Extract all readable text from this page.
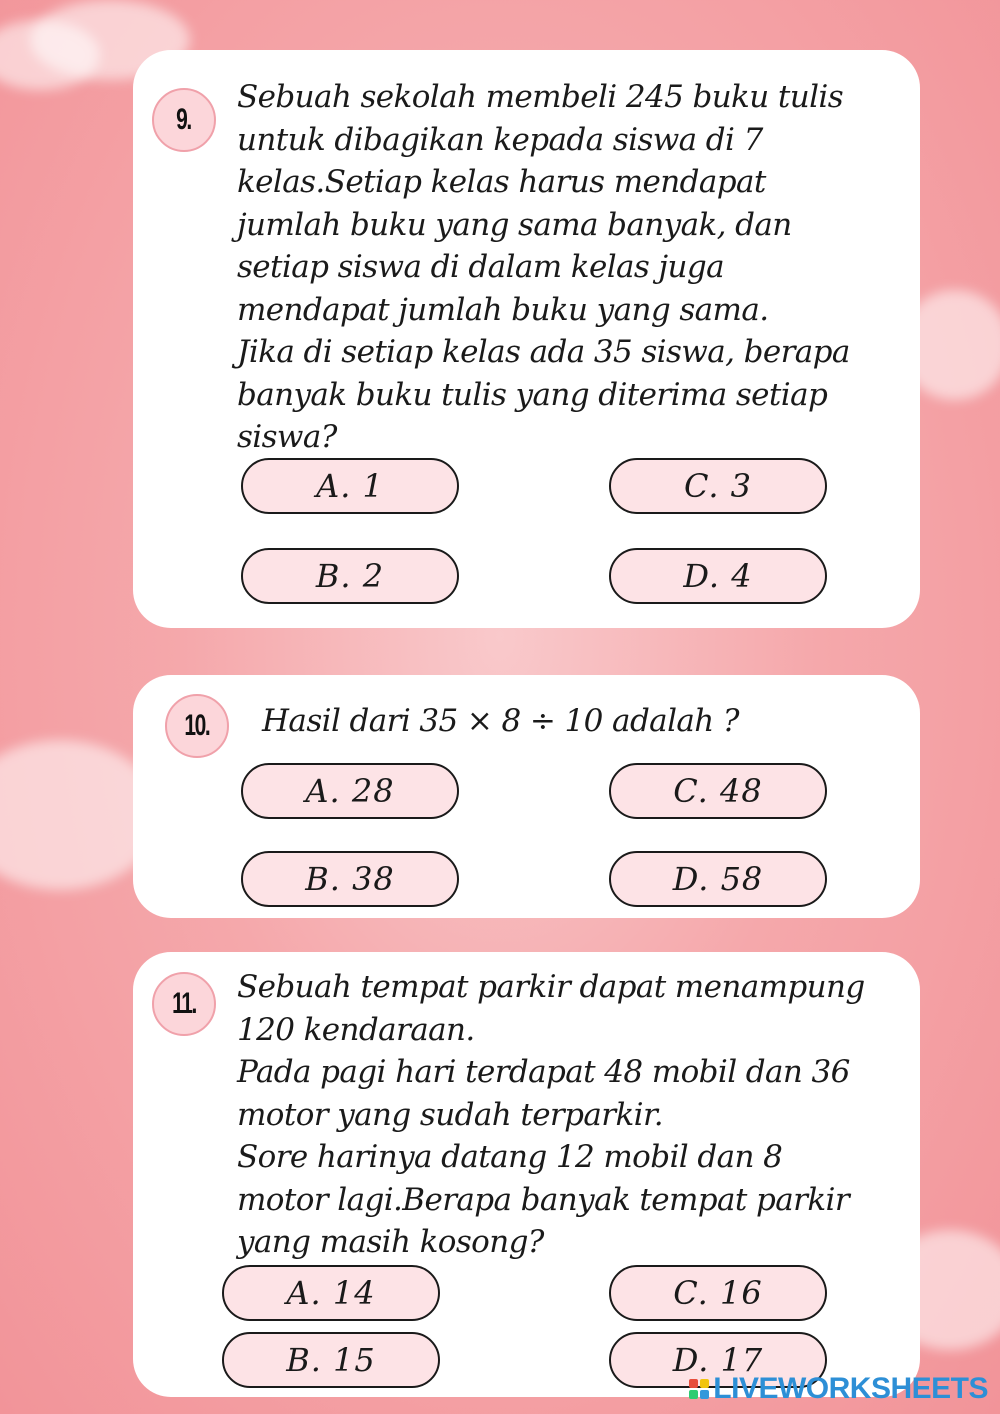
9.
Sebuah sekolah membeli 245 buku tulis
untuk dibagikan kepada siswa di 7
kelas.Setiap kelas harus mendapat
jumlah buku yang sama banyak, dan
setiap siswa di dalam kelas juga
mendapat jumlah buku yang sama.
Jika di setiap kelas ada 35 siswa, berapa
banyak buku tulis yang diterima setiap
siswa?
A. 1
B. 2
C. 3
D. 4
10. Hasil dari 35 × 8 ÷ 10 adalah ?
A. 28
B. 38
C. 48
D. 58
11. Sebuah tempat parkir dapat menampung
120 kendaraan.
Pada pagi hari terdapat 48 mobil dan 36
motor yang sudah terparkir.
Sore harinya datang 12 mobil dan 8
motor lagi.Berapa banyak tempat parkir
yang masih kosong?
A. 14
B. 15
C. 16
D. 17
LIVEWORKSHEETS
